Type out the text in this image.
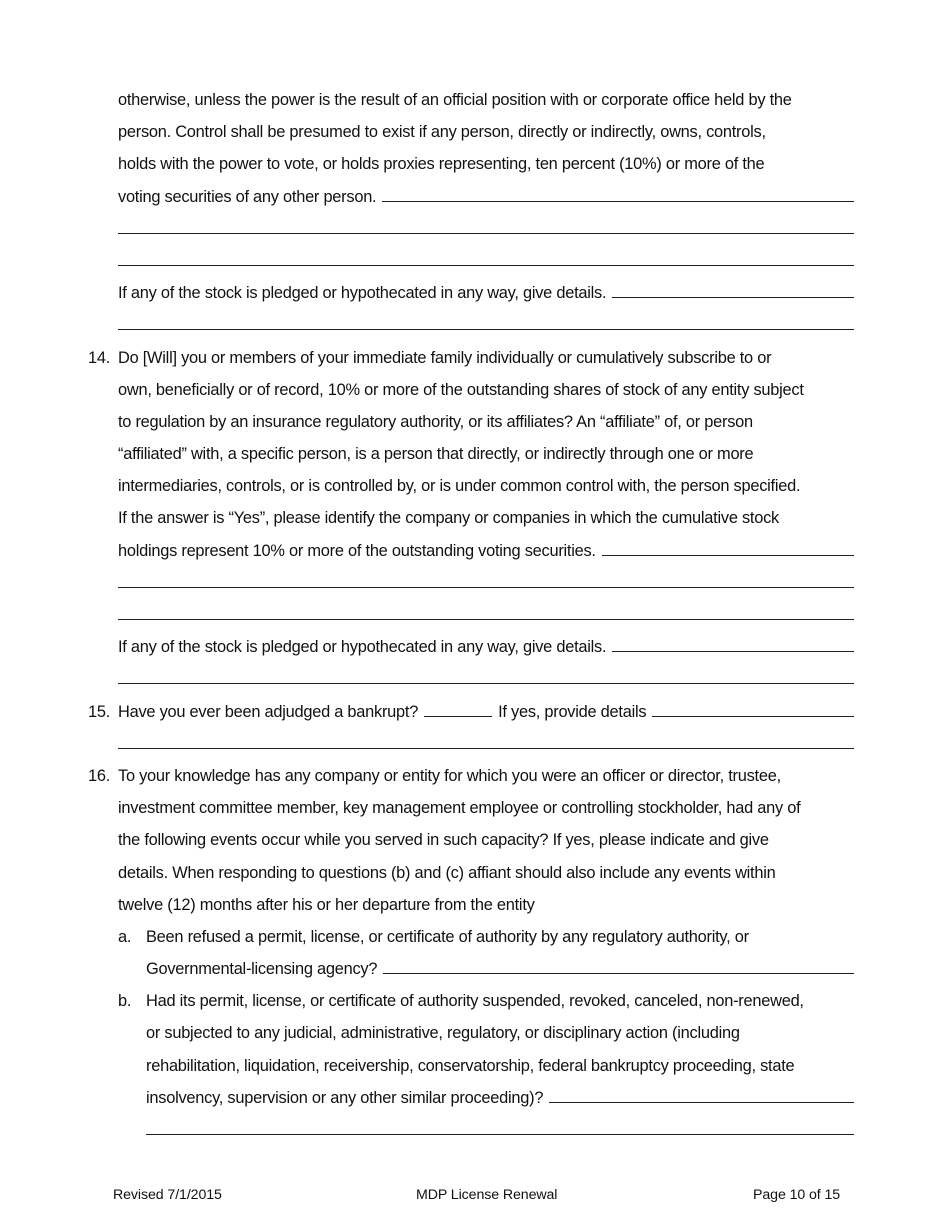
otherwise, unless the power is the result of an official position with or corporate office held by the
person. Control shall be presumed to exist if any person, directly or indirectly, owns, controls,
holds with the power to vote, or holds proxies representing, ten percent (10%) or more of the
voting securities of any other person.
If any of the stock is pledged or hypothecated in any way, give details.
14. Do [Will] you or members of your immediate family individually or cumulatively subscribe to or
own, beneficially or of record, 10% or more of the outstanding shares of stock of any entity subject
to regulation by an insurance regulatory authority, or its affiliates? An “affiliate” of, or person
“affiliated” with, a specific person, is a person that directly, or indirectly through one or more
intermediaries, controls, or is controlled by, or is under common control with, the person specified.
If the answer is “Yes”, please identify the company or companies in which the cumulative stock
holdings represent 10% or more of the outstanding voting securities.
If any of the stock is pledged or hypothecated in any way, give details.
15. Have you ever been adjudged a bankrupt?	If yes, provide details
16. To your knowledge has any company or entity for which you were an officer or director, trustee,
investment committee member, key management employee or controlling stockholder, had any of
the following events occur while you served in such capacity? If yes, please indicate and give
details. When responding to questions (b) and (c) affiant should also include any events within
twelve (12) months after his or her departure from the entity
a. Been refused a permit, license, or certificate of authority by any regulatory authority, or
Governmental-licensing agency?
b. Had its permit, license, or certificate of authority suspended, revoked, canceled, non-renewed,
or subjected to any judicial, administrative, regulatory, or disciplinary action (including
rehabilitation, liquidation, receivership, conservatorship, federal bankruptcy proceeding, state
insolvency, supervision or any other similar proceeding)?
Revised 7/1/2015	MDP License Renewal	Page 10 of 15
